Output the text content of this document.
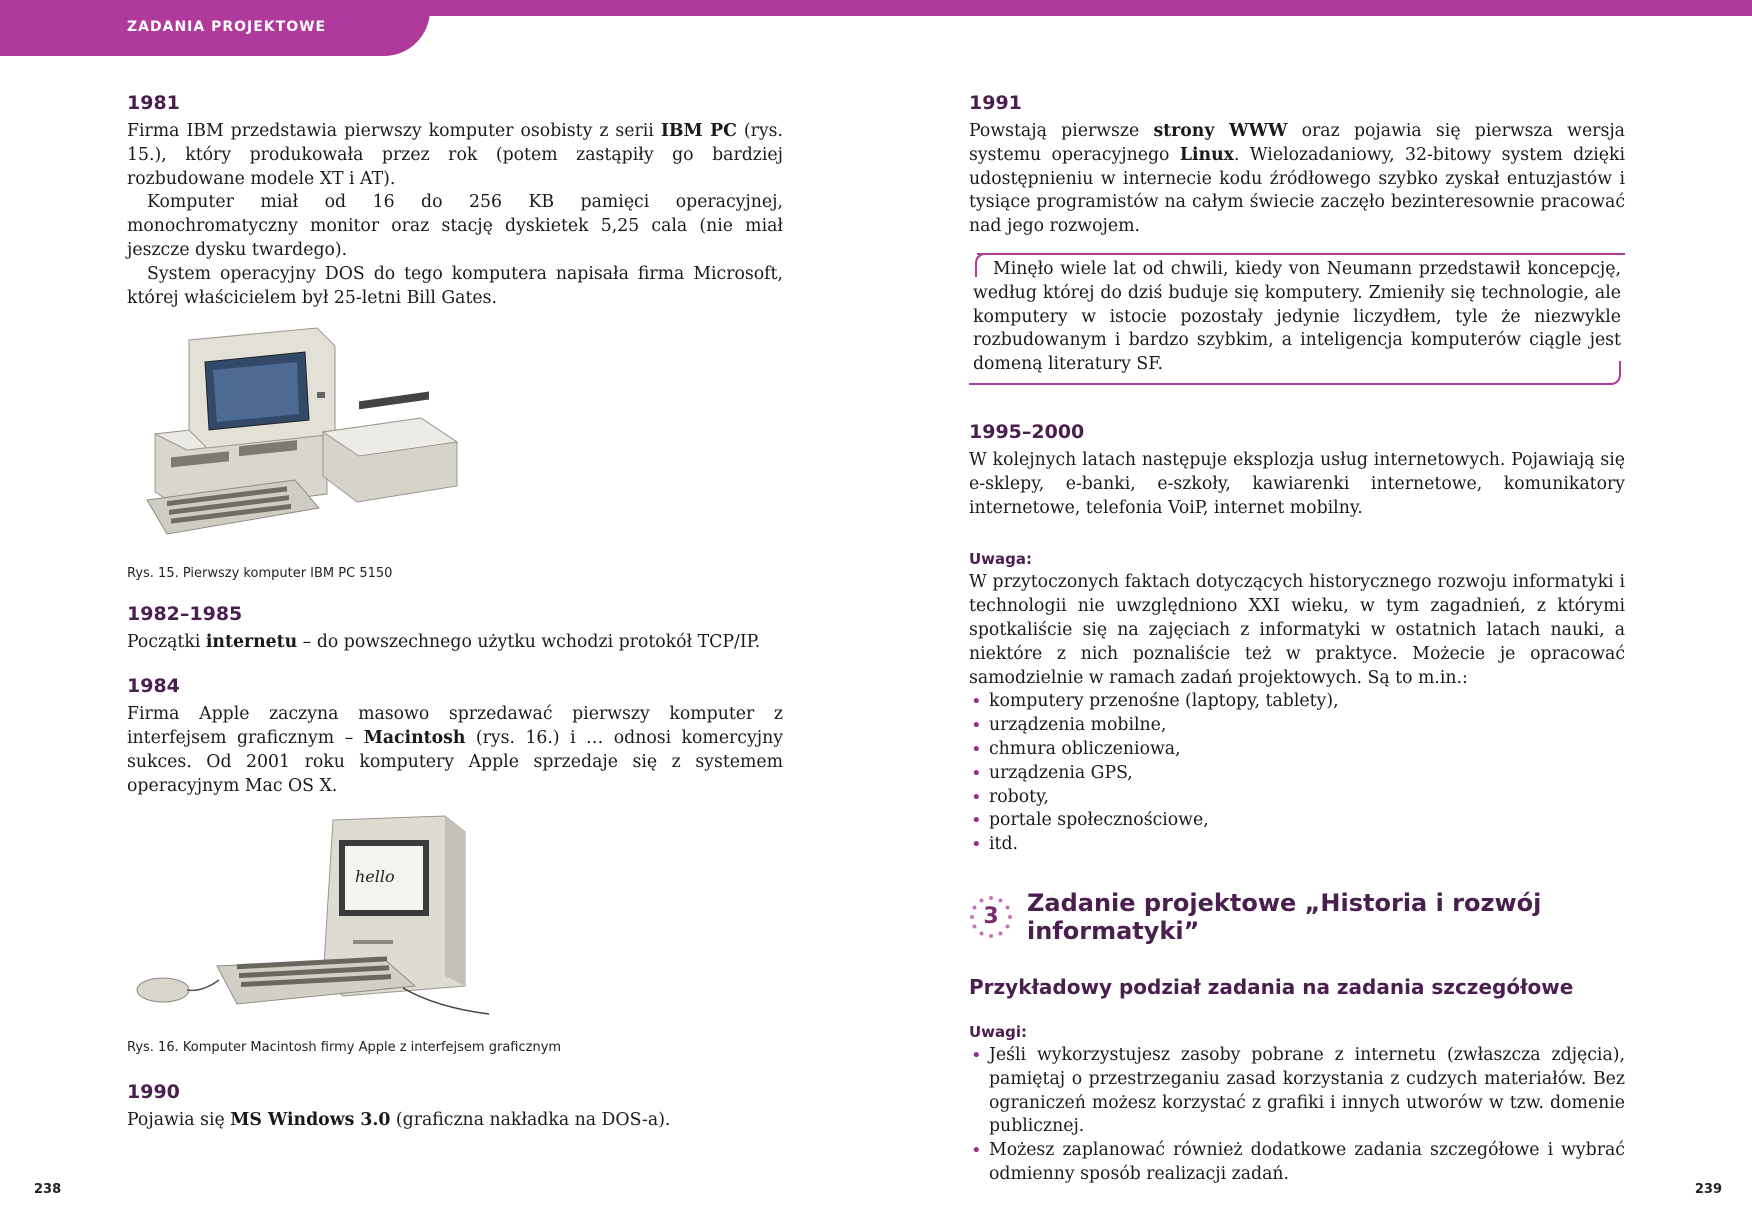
ZADANIA PROJEKTOWE
1981

Firma IBM przedstawia pierwszy komputer osobisty z serii IBM PC (rys. 15.), który produkowała przez rok (potem zastąpiły go bardziej rozbudowane modele XT i AT).

Komputer miał od 16 do 256 KB pamięci operacyjnej, monochromatyczny monitor oraz stację dyskietek 5,25 cala (nie miał jeszcze dysku twardego).

System operacyjny DOS do tego komputera napisała firma Microsoft, której właścicielem był 25-letni Bill Gates.

Rys. 15. Pierwszy komputer IBM PC 5150

1982–1985

Początki internetu – do powszechnego użytku wchodzi protokół TCP/IP.

1984

Firma Apple zaczyna masowo sprzedawać pierwszy komputer z interfejsem graficznym – Macintosh (rys. 16.) i … odnosi komercyjny sukces. Od 2001 roku komputery Apple sprzedaje się z systemem operacyjnym Mac OS X.

hello

Rys. 16. Komputer Macintosh firmy Apple z interfejsem graficznym

1990

Pojawia się MS Windows 3.0 (graficzna nakładka na DOS-a).

1991

Powstają pierwsze strony WWW oraz pojawia się pierwsza wersja systemu operacyjnego Linux. Wielozadaniowy, 32-bitowy system dzięki udostępnieniu w internecie kodu źródłowego szybko zyskał entuzjastów i tysiące programistów na całym świecie zaczęło bezinteresownie pracować nad jego rozwojem.

Minęło wiele lat od chwili, kiedy von Neumann przedstawił koncepcję, według której do dziś buduje się komputery. Zmieniły się technologie, ale komputery w istocie pozostały jedynie liczydłem, tyle że niezwykle rozbudowanym i bardzo szybkim, a inteligencja komputerów ciągle jest domeną literatury SF.

1995–2000

W kolejnych latach następuje eksplozja usług internetowych. Pojawiają się e-sklepy, e-banki, e-szkoły, kawiarenki internetowe, komunikatory internetowe, telefonia VoiP, internet mobilny.

Uwaga:

W przytoczonych faktach dotyczących historycznego rozwoju informatyki i technologii nie uwzględniono XXI wieku, w tym zagadnień, z którymi spotkaliście się na zajęciach z informatyki w ostatnich latach nauki, a niektóre z nich poznaliście też w praktyce. Możecie je opracować samodzielnie w ramach zadań projektowych. Są to m.in.:

• komputery przenośne (laptopy, tablety),
• urządzenia mobilne,
• chmura obliczeniowa,
• urządzenia GPS,
• roboty,
• portale społecznościowe,
• itd.
3	Zadanie projektowe „Historia i rozwój informatyki”
Przykładowy podział zadania na zadania szczegółowe
Uwagi:
• Jeśli wykorzystujesz zasoby pobrane z internetu (zwłaszcza zdjęcia), pamiętaj o przestrzeganiu zasad korzystania z cudzych materiałów. Bez ograniczeń możesz korzystać z grafiki i innych utworów w tzw. domenie publicznej.
• Możesz zaplanować również dodatkowe zadania szczegółowe i wybrać odmienny sposób realizacji zadań.
238	239
